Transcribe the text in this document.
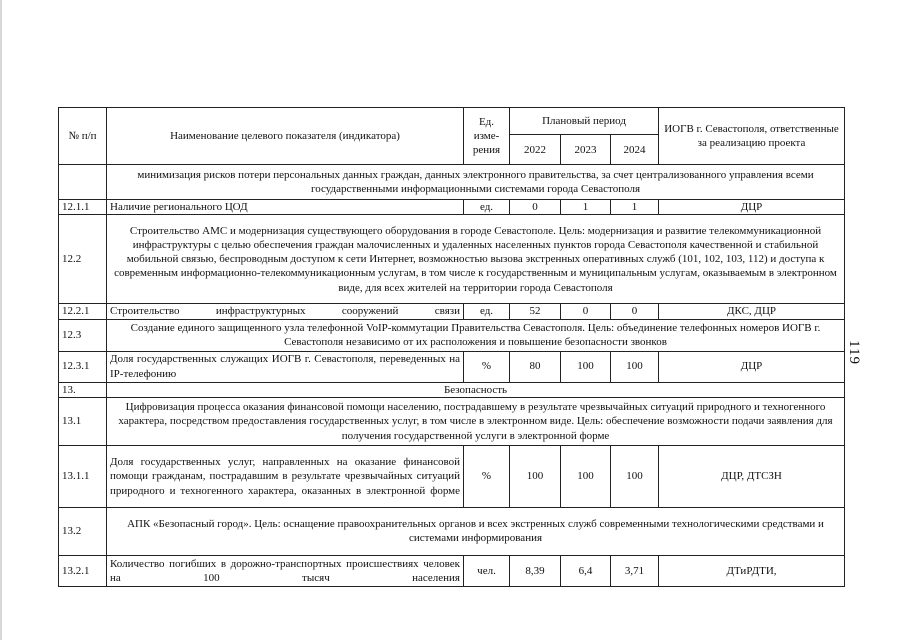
№ п/п	Наименование целевого показателя (индикатора)	Ед. изме-рения	Плановый период			ИОГВ г. Севастополя, ответственные за реализацию проекта
			2022	2023	2024	
	минимизация рисков потери персональных данных граждан, данных электронного правительства, за счет централизованного управления всеми государственными информационными системами города Севастополя					
12.1.1	Наличие регионального ЦОД	ед.	0	1	1	ДЦР
12.2	Строительство АМС и модернизация существующего оборудования в городе Севастополе. Цель: модернизация и развитие телекоммуникационной инфраструктуры с целью обеспечения граждан малочисленных и удаленных населенных пунктов города Севастополя качественной и стабильной мобильной связью, беспроводным доступом к сети Интернет, возможностью вызова экстренных оперативных служб (101, 102, 103, 112) и доступа к современным информационно-телекоммуникационным услугам, в том числе к государственным и муниципальным услугам, оказываемым в электронном виде, для всех жителей на территории города Севастополя					
12.2.1	Строительство инфраструктурных сооружений связи	ед.	52	0	0	ДКС, ДЦР
12.3	Создание единого защищенного узла телефонной VoIP-коммутации Правительства Севастополя. Цель: объединение телефонных номеров ИОГВ г. Севастополя независимо от их расположения и повышение безопасности звонков					
12.3.1	Доля государственных служащих ИОГВ г. Севастополя, переведенных на IP-телефонию	%	80	100	100	ДЦР
13.	Безопасность					
13.1	Цифровизация процесса оказания финансовой помощи населению, пострадавшему в результате чрезвычайных ситуаций природного и техногенного характера, посредством предоставления государственных услуг, в том числе в электронном виде. Цель: обеспечение возможности подачи заявления для получения государственной услуги в электронной форме					
13.1.1	Доля государственных услуг, направленных на оказание финансовой помощи гражданам, пострадавшим в результате чрезвычайных ситуаций природного и техногенного характера, оказанных в электронной форме	%	100	100	100	ДЦР, ДТСЗН
13.2	АПК «Безопасный город». Цель: оснащение правоохранительных органов и всех экстренных служб современными технологическими средствами и системами информирования					
13.2.1	Количество погибших в дорожно-транспортных происшествиях человек на 100 тысяч населения	чел.	8,39	6,4	3,71	ДТиРДТИ,
119
